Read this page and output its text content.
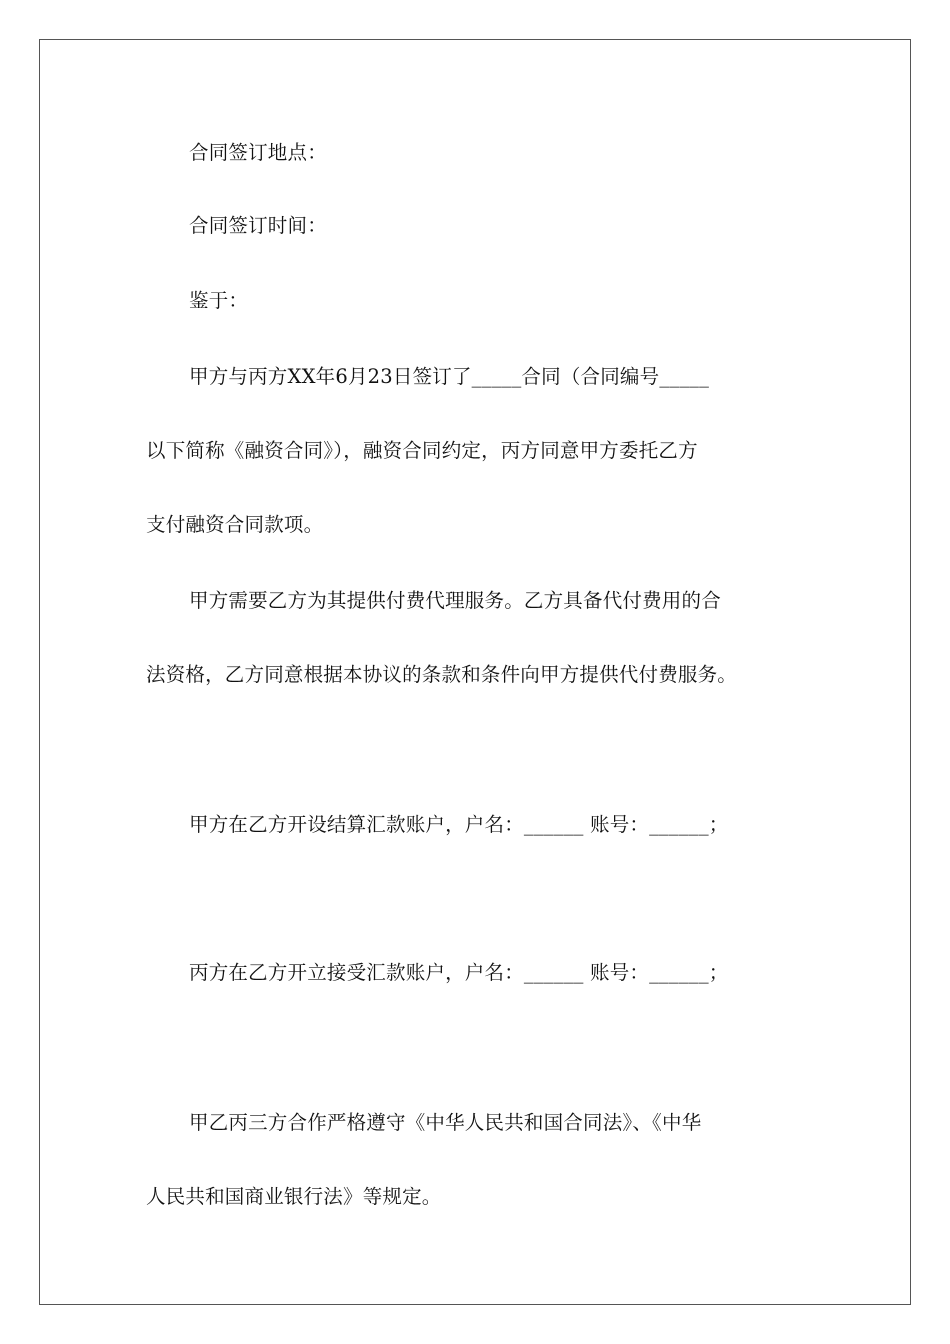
合同签订地点：
合同签订时间：
鉴于：
甲方与丙方XX年6月23日签订了_____合同（合同编号_____
以下简称《融资合同》），融资合同约定，丙方同意甲方委托乙方
支付融资合同款项。
甲方需要乙方为其提供付费代理服务。乙方具备代付费用的合
法资格，乙方同意根据本协议的条款和条件向甲方提供代付费服务。
甲方在乙方开设结算汇款账户，户名：______ 账号：______；
丙方在乙方开立接受汇款账户，户名：______ 账号：______；
甲乙丙三方合作严格遵守《中华人民共和国合同法》、《中华
人民共和国商业银行法》等规定。
